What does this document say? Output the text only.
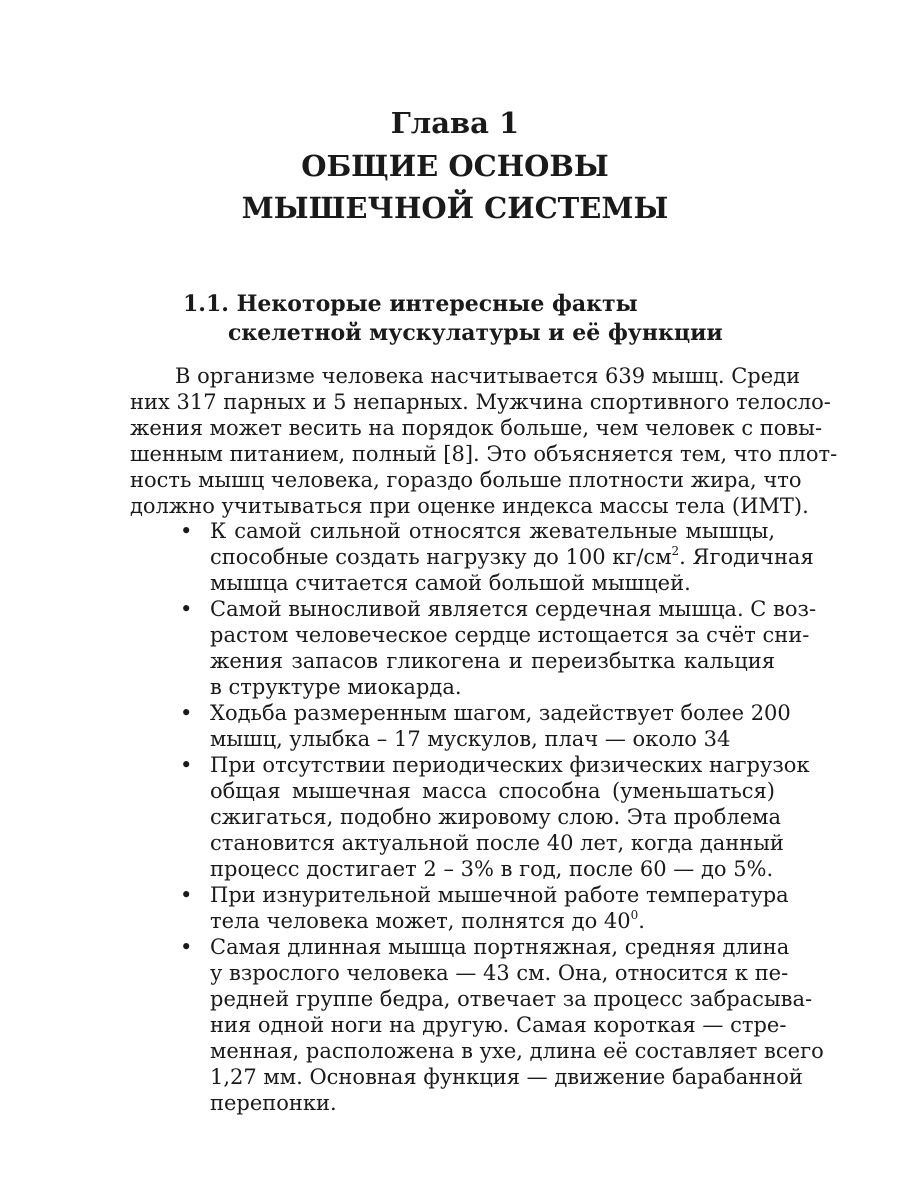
Глава 1
ОБЩИЕ ОСНОВЫ
МЫШЕЧНОЙ СИСТЕМЫ
1.1. Некоторые интересные факты
скелетной мускулатуры и её функции
В организме человека насчитывается 639 мышц. Среди
них 317 парных и 5 непарных. Мужчина спортивного телосло-
жения может весить на порядок больше, чем человек с повы-
шенным питанием, полный [8]. Это объясняется тем, что плот-
ность мышц человека, гораздо больше плотности жира, что
должно учитываться при оценке индекса массы тела (ИМТ).
• К самой сильной относятся жевательные мышцы,
способные создать нагрузку до 100 $кг/см^2$. Ягодичная
мышца считается самой большой мышцей.
• Самой выносливой является сердечная мышца. С воз-
растом человеческое сердце истощается за счёт сни-
жения запасов гликогена и переизбытка кальция
в структуре миокарда.
• Ходьба размеренным шагом, задействует более 200
мышц, улыбка – 17 мускулов, плач — около 34
• При отсутствии периодических физических нагрузок
общая мышечная масса способна (уменьшаться)
сжигаться, подобно жировому слою. Эта проблема
становится актуальной после 40 лет, когда данный
процесс достигает 2 – 3% в год, после 60 — до 5%.
• При изнурительной мышечной работе температура
тела человека может, полнятся до $40^0$.
• Самая длинная мышца портняжная, средняя длина
у взрослого человека — 43 см. Она, относится к пе-
редней группе бедра, отвечает за процесс забрасыва-
ния одной ноги на другую. Самая короткая — стре-
менная, расположена в ухе, длина её составляет всего
1,27 мм. Основная функция — движение барабанной
перепонки.
